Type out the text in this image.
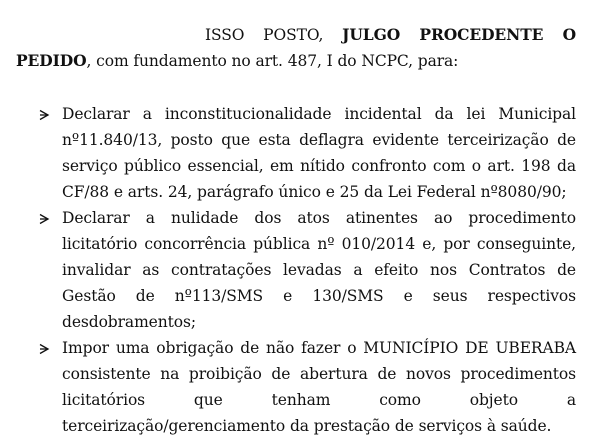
ISSO POSTO, JULGO PROCEDENTE O PEDIDO, com fundamento no art. 487, I do NCPC, para:

Declarar a inconstitucionalidade incidental da lei Municipal nº11.840/13, posto que esta deflagra evidente terceirização de serviço público essencial, em nítido confronto com o art. 198 da CF/88 e arts. 24, parágrafo único e 25 da Lei Federal nº8080/90;
Declarar a nulidade dos atos atinentes ao procedimento licitatório concorrência pública nº 010/2014 e, por conseguinte, invalidar as contratações levadas a efeito nos Contratos de Gestão de nº113/SMS e 130/SMS e seus respectivos desdobramentos;
Impor uma obrigação de não fazer o MUNICÍPIO DE UBERABA consistente na proibição de abertura de novos procedimentos licitatórios que tenham como objeto a terceirização/gerenciamento da prestação de serviços à saúde.
